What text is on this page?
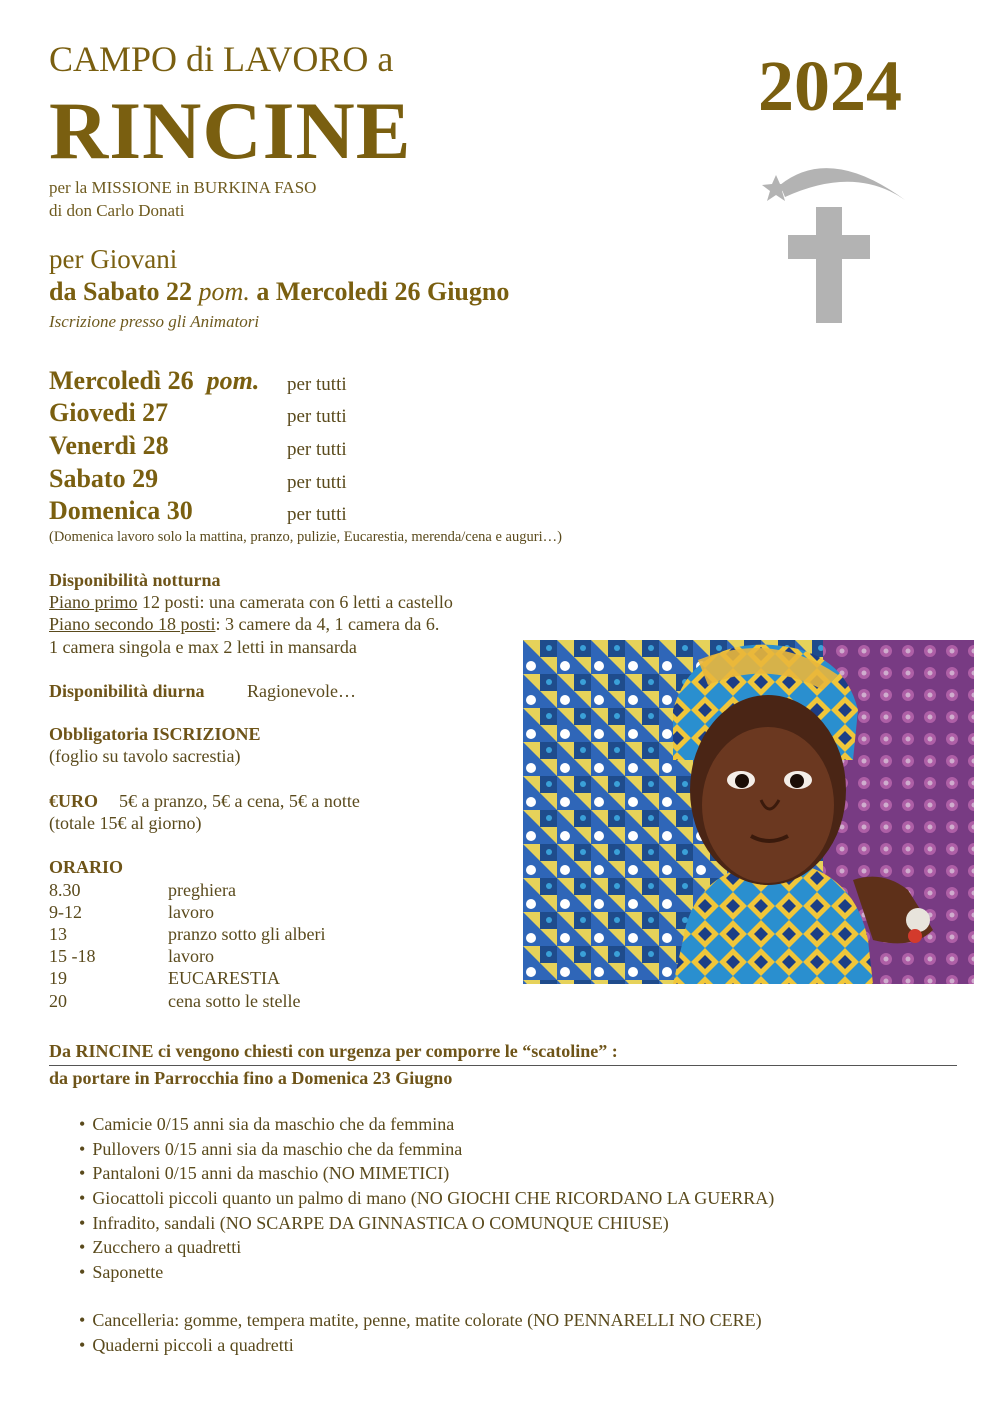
CAMPO di LAVORO a
RINCINE	2024
per la MISSIONE in BURKINA FASO
di don Carlo Donati
per Giovani
da Sabato 22 pom. a Mercoledi 26 Giugno
Iscrizione presso gli Animatori
Mercoledì 26 pom. per tutti
Giovedi 27	per tutti
Venerdì 28	per tutti
Sabato 29	per tutti
Domenica 30	per tutti
(Domenica lavoro solo la mattina, pranzo, pulizie, Eucarestia, merenda/cena e auguri…)
Disponibilità notturna
Piano primo 12 posti: una camerata con 6 letti a castello
Piano secondo 18 posti: 3 camere da 4, 1 camera da 6.
1 camera singola e max 2 letti in mansarda
Disponibilità diurna Ragionevole…
Obbligatoria ISCRIZIONE
(foglio su tavolo sacrestia)
€URO 5€ a pranzo, 5€ a cena, 5€ a notte
(totale 15€ al giorno)
ORARIO
8.30	preghiera
9-12	lavoro
13	pranzo sotto gli alberi
15 -18	lavoro
19	EUCARESTIA
20	cena sotto le stelle
Da RINCINE ci vengono chiesti con urgenza per comporre le “scatoline” :
da portare in Parrocchia fino a Domenica 23 Giugno
• Camicie 0/15 anni sia da maschio che da femmina
• Pullovers 0/15 anni sia da maschio che da femmina
• Pantaloni 0/15 anni da maschio (NO MIMETICI)
• Giocattoli piccoli quanto un palmo di mano (NO GIOCHI CHE RICORDANO LA GUERRA)
• Infradito, sandali (NO SCARPE DA GINNASTICA O COMUNQUE CHIUSE)
• Zucchero a quadretti
• Saponette
• Cancelleria: gomme, tempera matite, penne, matite colorate (NO PENNARELLI NO CERE)
• Quaderni piccoli a quadretti
